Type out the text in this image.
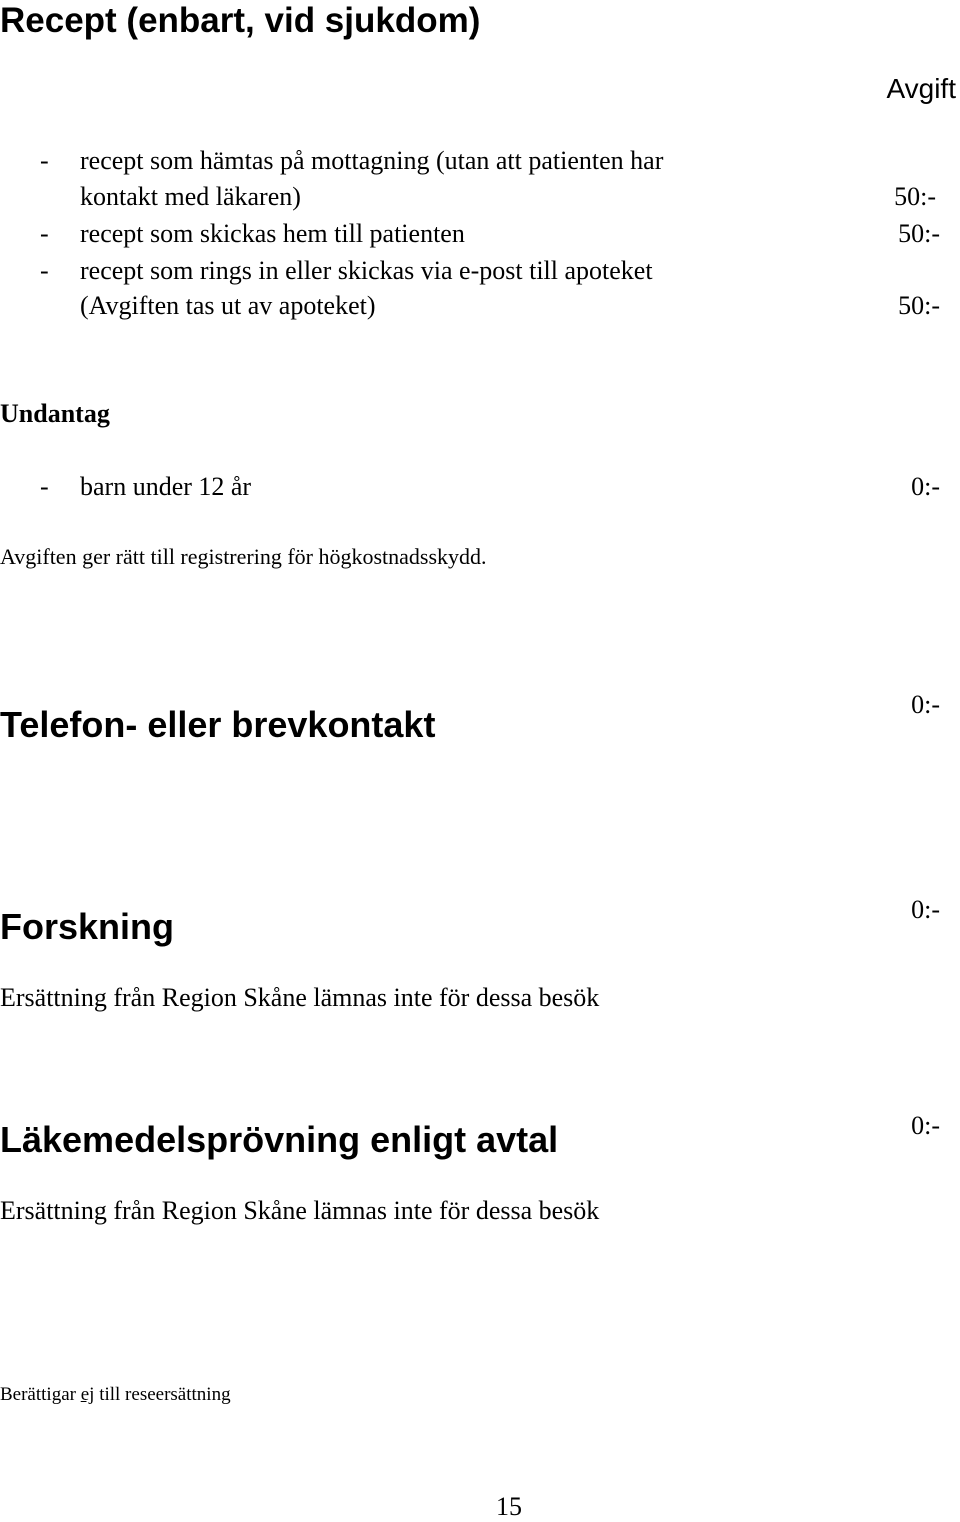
Recept (enbart, vid sjukdom)
Avgift
- recept som hämtas på mottagning (utan att patienten har
kontakt med läkaren)	50:-
- recept som skickas hem till patienten	50:-
- recept som rings in eller skickas via e-post till apoteket
(Avgiften tas ut av apoteket)	50:-
Undantag
- barn under 12 år	0:-
Avgiften ger rätt till registrering för högkostnadsskydd.
Telefon- eller brevkontakt	0:-
Forskning	0:-
Ersättning från Region Skåne lämnas inte för dessa besök
Läkemedelsprövning enligt avtal	0:-
Ersättning från Region Skåne lämnas inte för dessa besök
Berättigar ej till reseersättning
15
